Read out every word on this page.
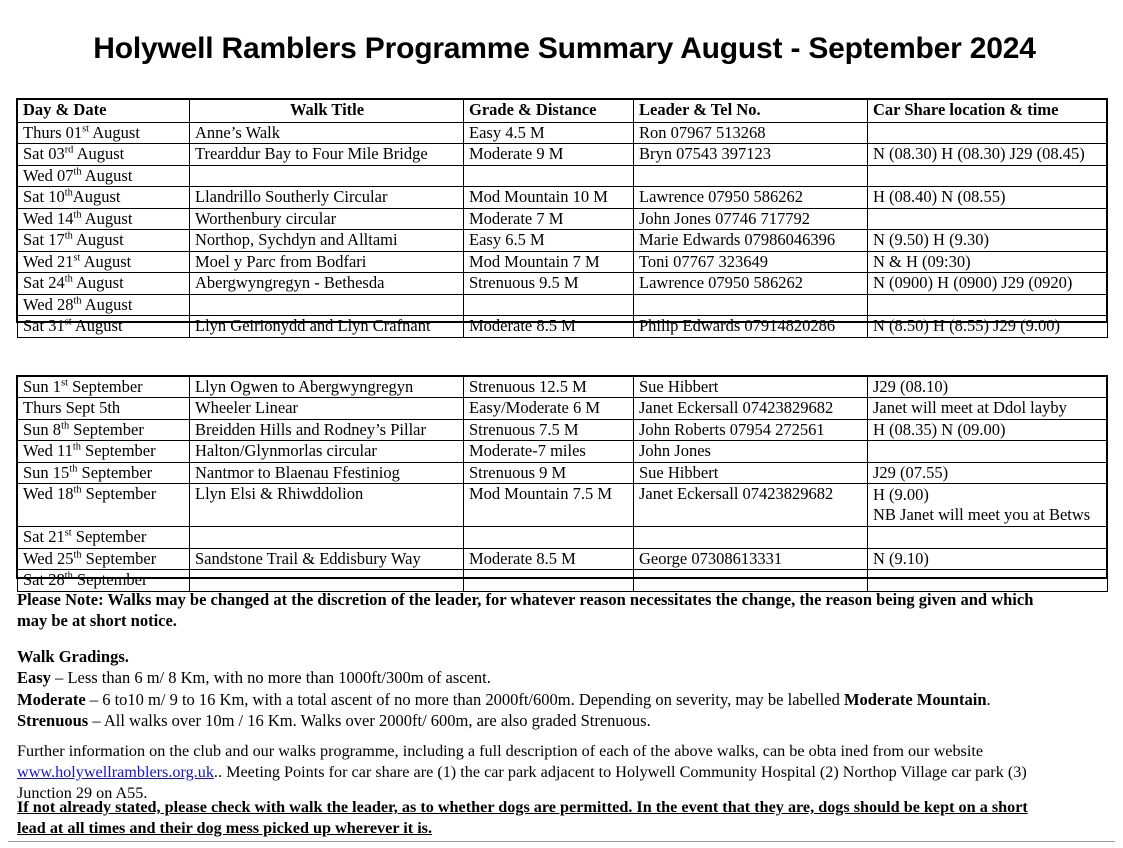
Holywell Ramblers Programme Summary August - September 2024
Day & Date	Walk Title	Grade & Distance	Leader & Tel No.	Car Share location & time
Thurs 01st August	Anne’s Walk	Easy 4.5 M	Ron 07967 513268	
Sat 03rd August	Trearddur Bay to Four Mile Bridge	Moderate 9 M	Bryn 07543 397123	N (08.30) H (08.30) J29 (08.45)
Wed 07th August				
Sat 10thAugust	Llandrillo Southerly Circular	Mod Mountain 10 M	Lawrence 07950 586262	H (08.40) N (08.55)
Wed 14th August	Worthenbury circular	Moderate 7 M	John Jones 07746 717792	
Sat 17th August	Northop, Sychdyn and Alltami	Easy 6.5 M	Marie Edwards 07986046396	N (9.50) H (9.30)
Wed 21st August	Moel y Parc from Bodfari	Mod Mountain 7 M	Toni 07767 323649	N & H (09:30)
Sat 24th August	Abergwyngregyn - Bethesda	Strenuous 9.5 M	Lawrence 07950 586262	N (0900) H (0900) J29 (0920)
Wed 28th August				
Sat 31st August	Llyn Geirionydd and Llyn Crafnant	Moderate 8.5 M	Philip Edwards 07914820286	N (8.50) H (8.55) J29 (9.00)
Sun 1st September	Llyn Ogwen to Abergwyngregyn	Strenuous 12.5 M	Sue Hibbert	J29 (08.10)
Thurs Sept 5th	Wheeler Linear	Easy/Moderate 6 M	Janet Eckersall 07423829682	Janet will meet at Ddol layby
Sun 8th September	Breidden Hills and Rodney’s Pillar	Strenuous 7.5 M	John Roberts 07954 272561	H (08.35) N (09.00)
Wed 11th September	Halton/Glynmorlas circular	Moderate-7 miles	John Jones	
Sun 15th September	Nantmor to Blaenau Ffestiniog	Strenuous 9 M	Sue Hibbert	J29 (07.55)
Wed 18th September	Llyn Elsi & Rhiwddolion	Mod Mountain 7.5 M	Janet Eckersall 07423829682	H (9.00)
NB Janet will meet you at Betws
Sat 21st September				
Wed 25th September	Sandstone Trail & Eddisbury Way	Moderate 8.5 M	George 07308613331	N (9.10)
Sat 28th September				
Please Note: Walks may be changed at the discretion of the leader, for whatever reason necessitates the change, the reason being given and which
may be at short notice.
Walk Gradings.
Easy – Less than 6 m/ 8 Km, with no more than 1000ft/300m of ascent.
Moderate – 6 to10 m/ 9 to 16 Km, with a total ascent of no more than 2000ft/600m. Depending on severity, may be labelled Moderate Mountain.
Strenuous – All walks over 10m / 16 Km. Walks over 2000ft/ 600m, are also graded Strenuous.
Further information on the club and our walks programme, including a full description of each of the above walks, can be obta ined from our website
www.holywellramblers.org.uk.. Meeting Points for car share are (1) the car park adjacent to Holywell Community Hospital (2) Northop Village car park (3)
Junction 29 on A55.
If not already stated, please check with walk the leader, as to whether dogs are permitted. In the event that they are, dogs should be kept on a short
lead at all times and their dog mess picked up wherever it is.
